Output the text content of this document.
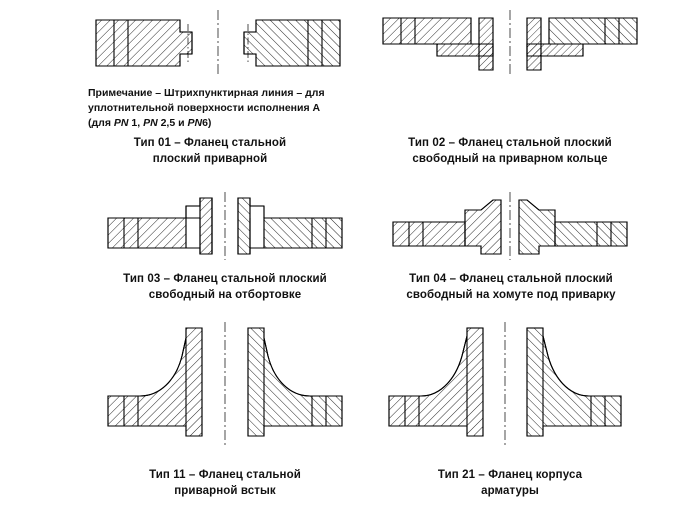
Примечание – Штрихпунктирная линия – для
уплотнительной поверхности исполнения А
(для PN 1, PN 2,5 и PN6)
Тип 01 – Фланец стальной
плоский приварной
Тип 02 – Фланец стальной плоский
свободный на приварном кольце
Тип 03 – Фланец стальной плоский
свободный на отбортовке
Тип 04 – Фланец стальной плоский
свободный на хомуте под приварку
Тип 11 – Фланец стальной
приварной встык
Тип 21 – Фланец корпуса
арматуры
